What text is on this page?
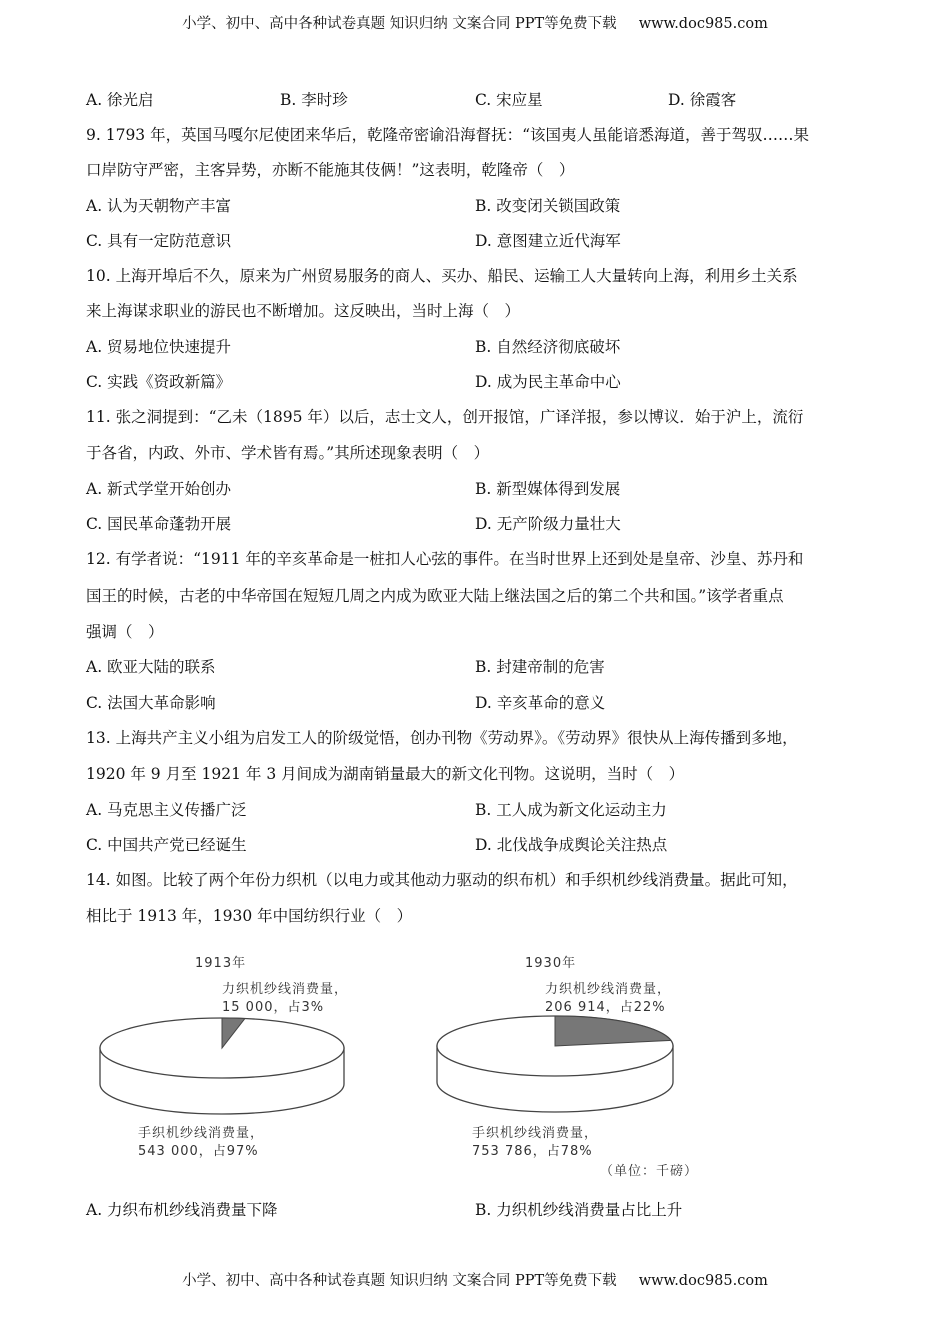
小学、初中、高中各种试卷真题 知识归纳 文案合同 PPT等免费下载 www.doc985.com
A. 徐光启	B. 李时珍	C. 宋应星	D. 徐霞客
9. 1793 年，英国马嘎尔尼使团来华后，乾隆帝密谕沿海督抚：“该国夷人虽能谙悉海道，善于驾驭……果
口岸防守严密，主客异势，亦断不能施其伎俩！”这表明，乾隆帝（　）
A. 认为天朝物产丰富	B. 改变闭关锁国政策
C. 具有一定防范意识	D. 意图建立近代海军
10. 上海开埠后不久，原来为广州贸易服务的商人、买办、船民、运输工人大量转向上海，利用乡土关系
来上海谋求职业的游民也不断增加。这反映出，当时上海（　）
A. 贸易地位快速提升	B. 自然经济彻底破坏
C. 实践《资政新篇》	D. 成为民主革命中心
11. 张之洞提到：“乙未（1895 年）以后，志士文人，创开报馆，广译洋报，参以博议．始于沪上，流衍
于各省，内政、外市、学术皆有焉。”其所述现象表明（　）
A. 新式学堂开始创办	B. 新型媒体得到发展
C. 国民革命蓬勃开展	D. 无产阶级力量壮大
12. 有学者说：“1911 年的辛亥革命是一桩扣人心弦的事件。在当时世界上还到处是皇帝、沙皇、苏丹和
国王的时候，古老的中华帝国在短短几周之内成为欧亚大陆上继法国之后的第二个共和国。”该学者重点
强调（　）
A. 欧亚大陆的联系	B. 封建帝制的危害
C. 法国大革命影响	D. 辛亥革命的意义
13. 上海共产主义小组为启发工人的阶级觉悟，创办刊物《劳动界》。《劳动界》很快从上海传播到多地，
1920 年 9 月至 1921 年 3 月间成为湖南销量最大的新文化刊物。这说明，当时（　）
A. 马克思主义传播广泛	B. 工人成为新文化运动主力
C. 中国共产党已经诞生	D. 北伐战争成舆论关注热点
14. 如图。比较了两个年份力织机（以电力或其他动力驱动的织布机）和手织机纱线消费量。据此可知，
相比于 1913 年，1930 年中国纺织行业（　）
1913年
力织机纱线消费量，
15 000，占3%
手织机纱线消费量，
543 000，占97%
1930年
力织机纱线消费量，
206 914，占22%
手织机纱线消费量，
753 786，占78%
（单位：千磅）
A. 力织布机纱线消费量下降	B. 力织机纱线消费量占比上升
小学、初中、高中各种试卷真题 知识归纳 文案合同 PPT等免费下载 www.doc985.com
